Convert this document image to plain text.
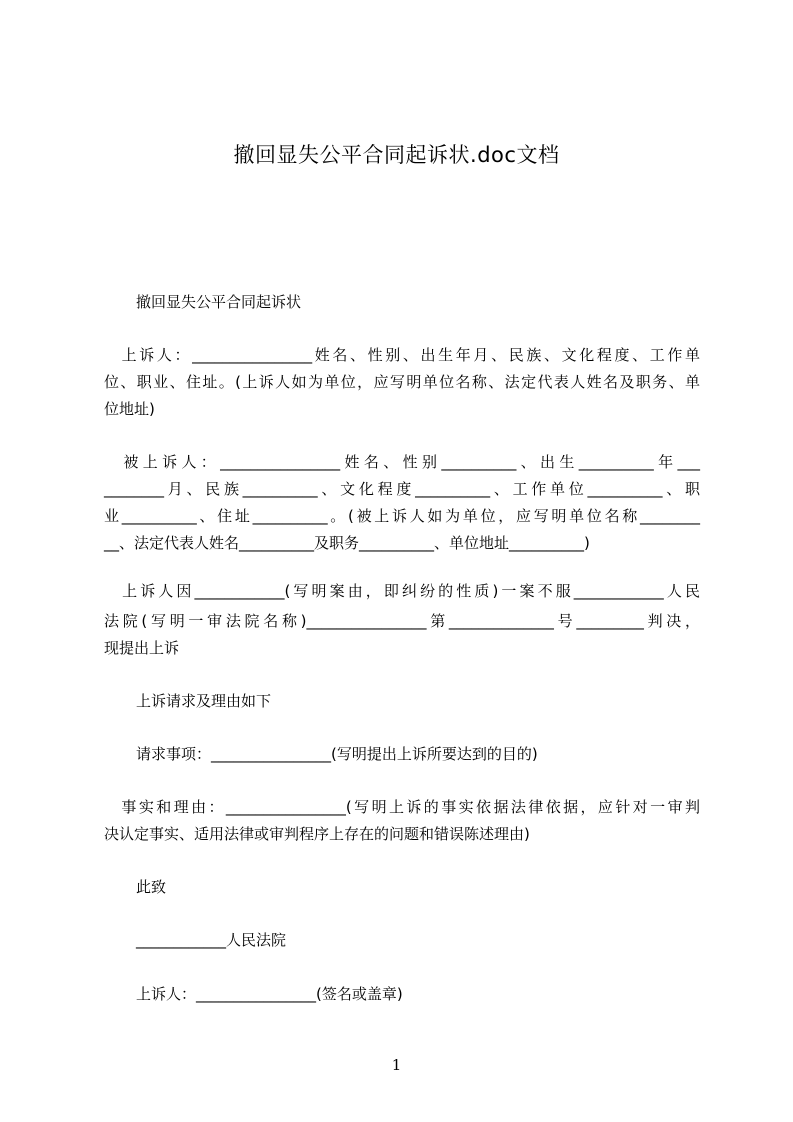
撤回显失公平合同起诉状.doc文档
撤回显失公平合同起诉状
　上诉人：________________姓名、性别、出生年月、民族、文化程度、工作单
位、职业、住址。(上诉人如为单位，应写明单位名称、法定代表人姓名及职务、单
位地址)
　被上诉人：________________姓名、性别__________、出生__________年___
________月、民族__________、文化程度__________、工作单位__________、职
业__________、住址__________。(被上诉人如为单位，应写明单位名称________
__、法定代表人姓名__________及职务__________、单位地址__________)
　上诉人因____________(写明案由，即纠纷的性质)一案不服____________人民
法院(写明一审法院名称)________________第______________号_________判决，
现提出上诉
上诉请求及理由如下
请求事项：________________(写明提出上诉所要达到的目的)
　事实和理由：________________(写明上诉的事实依据法律依据，应针对一审判
决认定事实、适用法律或审判程序上存在的问题和错误陈述理由)
此致
____________人民法院
上诉人：________________(签名或盖章)
1
